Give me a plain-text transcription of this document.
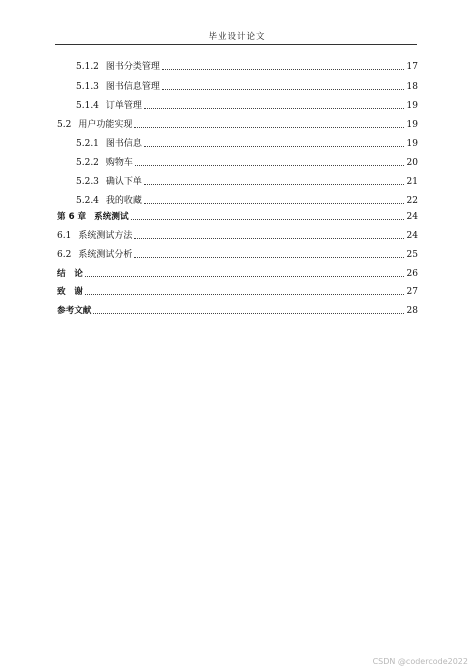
毕业设计论文
5.1.2 图书分类管理	17
5.1.3 图书信息管理	18
5.1.4 订单管理	19
5.2 用户功能实现	19
5.2.1 图书信息	19
5.2.2 购物车	20
5.2.3 确认下单	21
5.2.4 我的收藏	22
第 6 章 系统测试	24
6.1 系统测试方法	24
6.2 系统测试分析	25
结　论	26
致　谢	27
参考文献	28
CSDN @codercode2022
